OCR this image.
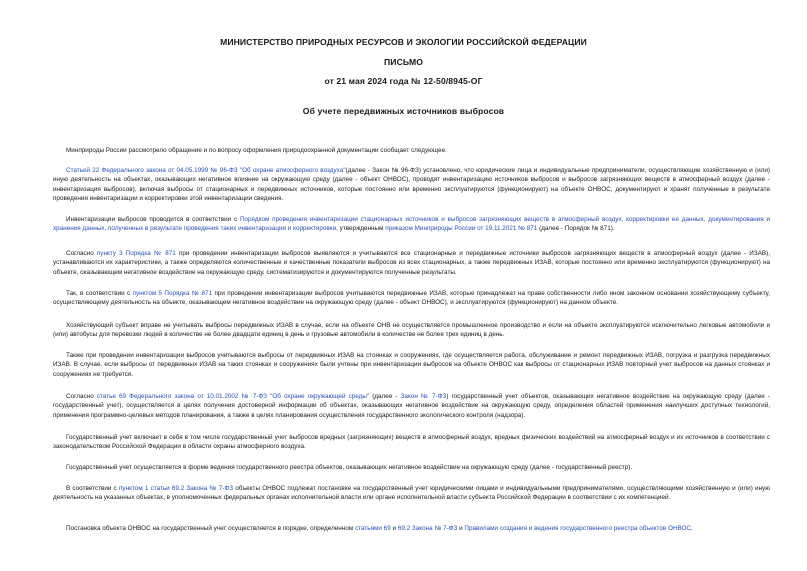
МИНИСТЕРСТВО ПРИРОДНЫХ РЕСУРСОВ И ЭКОЛОГИИ РОССИЙСКОЙ ФЕДЕРАЦИИ
ПИСЬМО
от 21 мая 2024 года № 12-50/8945-ОГ
Об учете передвижных источников выбросов

Минприроды России рассмотрело обращение и по вопросу оформления природоохранной документации сообщает следующее.

Статьей 22 Федерального закона от 04.05.1999 № 96-ФЗ "Об охране атмосферного воздуха"(далее - Закон № 96-ФЗ) установлено, что юридические лица и индивидуальные предприниматели, осуществляющие хозяйственную и (или) иную деятельность на объектах, оказывающих негативное влияние на окружающую среду (далее - объект ОНВОС), проводят инвентаризацию источников выбросов и выбросов загрязняющих веществ в атмосферный воздух (далее - инвентаризация выбросов), включая выбросы от стационарных и передвижных источников, которые постоянно или временно эксплуатируются (функционируют) на объекте ОНВОС, документируют и хранят полученные в результате проведения инвентаризации и корректировки этой инвентаризации сведения.

Инвентаризации выбросов проводится в соответствии с Порядком проведения инвентаризации стационарных источников и выбросов загрязняющих веществ в атмосферный воздух, корректировки ее данных, документирования и хранения данных, полученных в результате проведения таких инвентаризации и корректировки, утвержденным приказом Минприроды России от 19.11.2021 № 871 (далее - Порядок № 871).

Согласно пункту 3 Порядка № 871 при проведении инвентаризации выбросов выявляются и учитываются все стационарные и передвижные источники выбросов загрязняющих веществ в атмосферный воздух (далее - ИЗАВ), устанавливаются их характеристики, а также определяются количественные и качественные показатели выбросов из всех стационарных, а также передвижных ИЗАВ, которые постоянно или временно эксплуатируются (функционируют) на объекте, оказывающем негативное воздействие на окружающую среду, систематизируются и документируются полученные результаты.

Так, в соответствии с пунктом 5 Порядка № 871 при проведении инвентаризации выбросов учитываются передвижные ИЗАВ, которые принадлежат на праве собственности либо ином законном основании хозяйствующему субъекту, осуществляющему деятельность на объекте, оказывающем негативное воздействие на окружающую среду (далее - объект ОНВОС), и эксплуатируются (функционируют) на данном объекте.

Хозяйствующий субъект вправе не учитывать выбросы передвижных ИЗАВ в случае, если на объекте ОНВ не осуществляется промышленное производство и если на объекте эксплуатируются исключительно легковые автомобили и (или) автобусы для перевозки людей в количестве не более двадцати единиц в день и грузовые автомобили в количестве не более трех единиц в день.

Также при проведении инвентаризации выбросов учитываются выбросы от передвижных ИЗАВ на стоянках и сооружениях, где осуществляется работа, обслуживание и ремонт передвижных ИЗАВ, погрузка и разгрузка передвижных ИЗАВ. В случае, если выбросы от передвижных ИЗАВ на таких стоянках и сооружениях были учтены при инвентаризации выбросов на объекте ОНВОС как выбросы от стационарных ИЗАВ повторный учет выбросов на данных стоянках и сооружениях не требуется.

Согласно статье 69 Федерального закона от 10.01.2002 № 7-ФЗ "Об охране окружающей среды" (далее - Закон № 7-ФЗ) государственный учет объектов, оказывающих негативное воздействие на окружающую среду (далее - государственный учет), осуществляется в целях получения достоверной информации об объектах, оказывающих негативное воздействие на окружающую среду, определения областей применения наилучших доступных технологий, применения программно-целевых методов планирования, а также в целях планирования осуществления государственного экологического контроля (надзора).

Государственный учет включает в себя в том числе государственный учет выбросов вредных (загрязняющих) веществ в атмосферный воздух, вредных физических воздействий на атмосферный воздух и их источников в соответствии с законодательством Российской Федерации в области охраны атмосферного воздуха.

Государственный учет осуществляется в форме ведения государственного реестра объектов, оказывающих негативное воздействие на окружающую среду (далее - государственный реестр).

В соответствии с пунктом 1 статьи 69.2 Закона № 7-ФЗ объекты ОНВОС подлежат постановке на государственный учет юридическими лицами и индивидуальными предпринимателями, осуществляющими хозяйственную и (или) иную деятельность на указанных объектах, в уполномоченных федеральных органах исполнительной власти или органе исполнительной власти субъекта Российской Федерации в соответствии с их компетенцией.

Постановка объекта ОНВОС на государственный учет осуществляется в порядке, определенном статьями 69 и 69.2 Закона № 7-ФЗ и Правилами создания и ведения государственного реестра объектов ОНВОС,
